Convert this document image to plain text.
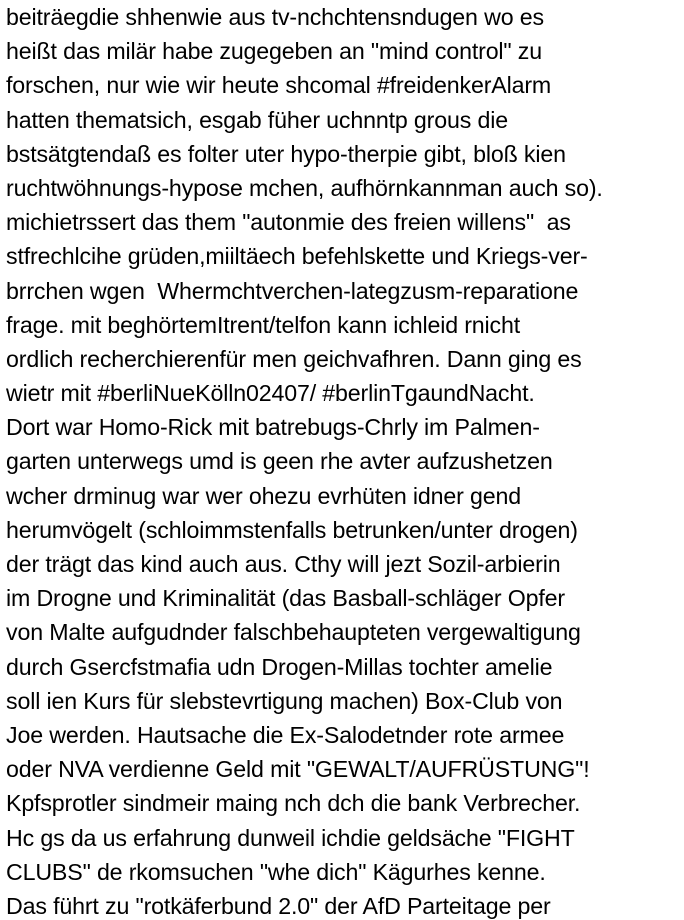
beiträegdie shhenwie aus tv-nchchtensndugen wo es
heißt das milär habe zugegeben an "mind control" zu
forschen, nur wie wir heute shcomal #freidenkerAlarm
hatten thematsich, esgab füher uchnntp grous die
bstsätgtendaß es folter uter hypo-therpie gibt, bloß kien
ruchtwöhnungs-hypose mchen, aufhörnkannman auch so).
michietrssert das them "autonmie des freien willens"  as
stfrechlcihe grüden,miiltäech befehlskette und Kriegs-ver-
brrchen wgen  Whermchtverchen-lategzusm-reparatione
frage. mit beghörtemItrent/telfon kann ichleid rnicht
ordlich recherchierenfür men geichvafhren. Dann ging es
wietr mit #berliNueKölln02407/ #berlinTgaundNacht.
Dort war Homo-Rick mit batrebugs-Chrly im Palmen-
garten unterwegs umd is geen rhe avter aufzushetzen
wcher drminug war wer ohezu evrhüten idner gend
herumvögelt (schloimmstenfalls betrunken/unter drogen)
der trägt das kind auch aus. Cthy will jezt Sozil-arbierin
im Drogne und Kriminalität (das Basball-schläger Opfer
von Malte aufgudnder falschbehaupteten vergewaltigung
durch Gsercfstmafia udn Drogen-Millas tochter amelie
soll ien Kurs für slebstevrtigung machen) Box-Club von
Joe werden. Hautsache die Ex-Salodetnder rote armee
oder NVA verdienne Geld mit "GEWALT/AUFRÜSTUNG"!
Kpfsprotler sindmeir maing nch dch die bank Verbrecher.
Hc gs da us erfahrung dunweil ichdie geldsäche "FIGHT
CLUBS" de rkomsuchen "whe dich" Kägurhes kenne.
Das führt zu "rotkäferbund 2.0" der AfD Parteitage per
